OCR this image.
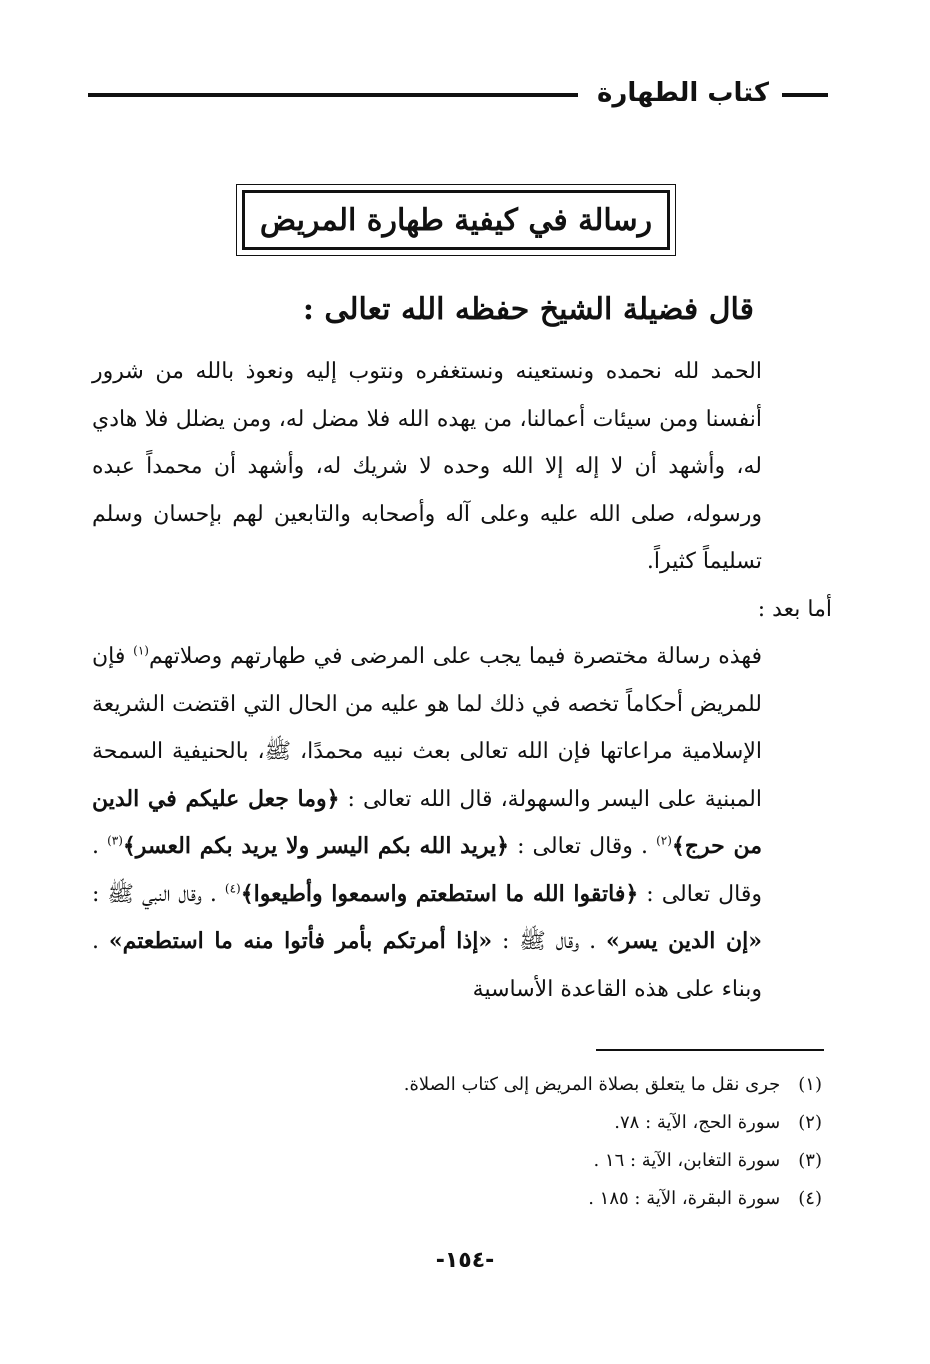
كتاب الطهارة
رسالة في كيفية طهارة المريض
قال فضيلة الشيخ حفظه الله تعالى :

الحمد لله نحمده ونستعينه ونستغفره ونتوب إليه ونعوذ بالله من شرور أنفسنا ومن سيئات أعمالنا، من يهده الله فلا مضل له، ومن يضلل فلا هادي له، وأشهد أن لا إله إلا الله وحده لا شريك له، وأشهد أن محمداً عبده ورسوله، صلى الله عليه وعلى آله وأصحابه والتابعين لهم بإحسان وسلم تسليماً كثيراً.

أما بعد :

فهذه رسالة مختصرة فيما يجب على المرضى في طهارتهم وصلاتهم$^{(١)}$ فإن للمريض أحكاماً تخصه في ذلك لما هو عليه من الحال التي اقتضت الشريعة الإسلامية مراعاتها فإن الله تعالى بعث نبيه محمدًا، ﷺ، بالحنيفية السمحة المبنية على اليسر والسهولة، قال الله تعالى : ﴿وما جعل عليكم في الدين من حرج﴾$^{(٢)}$ . وقال تعالى : ﴿يريد الله بكم اليسر ولا يريد بكم العسر﴾$^{(٣)}$ . وقال تعالى : ﴿فاتقوا الله ما استطعتم واسمعوا وأطيعوا﴾$^{(٤)}$ . وقال النبي ﷺ : «إن الدين يسر» . وقال ﷺ : «إذا أمرتكم بأمر فأتوا منه ما استطعتم» . وبناء على هذه القاعدة الأساسية

(١) جرى نقل ما يتعلق بصلاة المريض إلى كتاب الصلاة.
(٢) سورة الحج، الآية : ٧٨.
(٣) سورة التغابن، الآية : ١٦ .
(٤) سورة البقرة، الآية : ١٨٥ .
-١٥٤-
